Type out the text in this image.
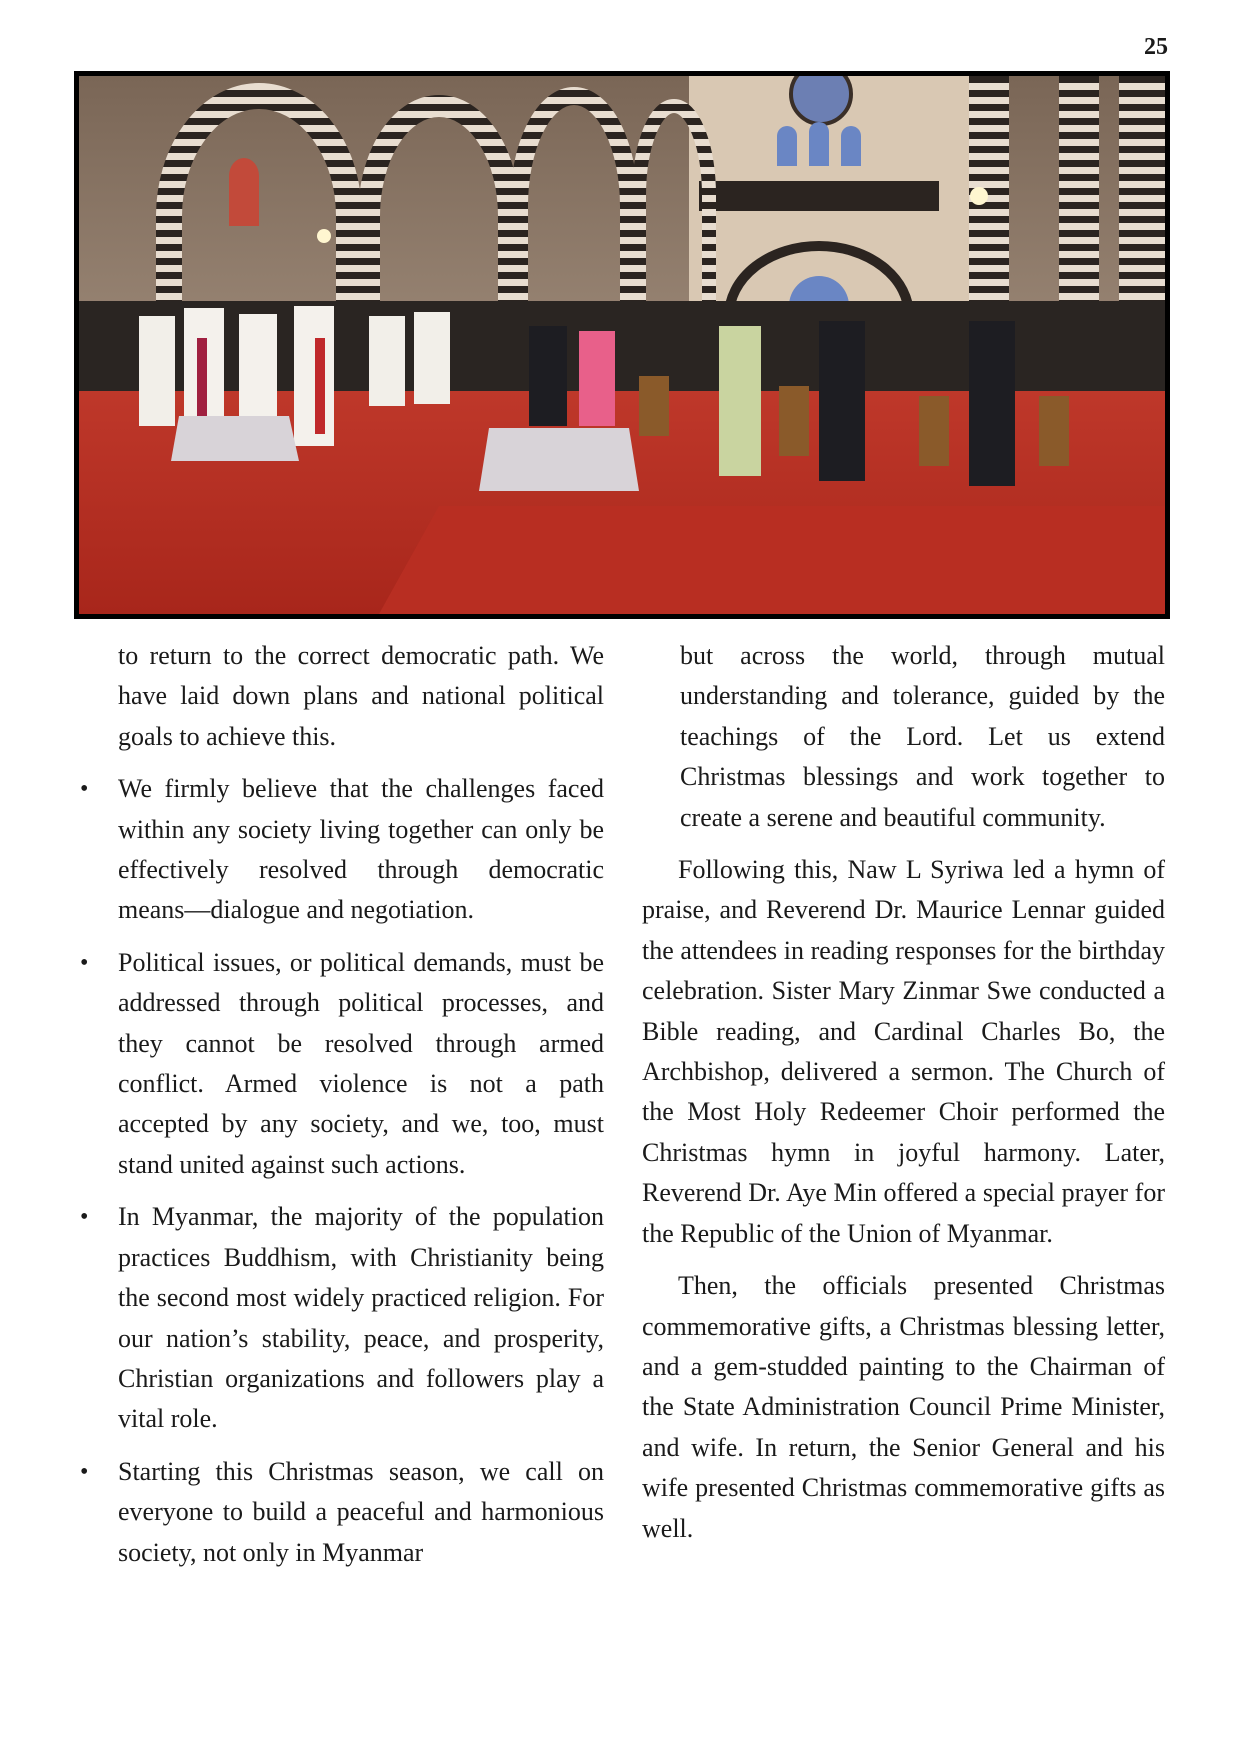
25

to return to the correct democratic path. We have laid down plans and national political goals to achieve this.

• We firmly believe that the challenges faced within any society living together can only be effectively resolved through democratic means—dialogue and negotiation.
• Political issues, or political demands, must be addressed through political processes, and they cannot be resolved through armed conflict. Armed violence is not a path accepted by any society, and we, too, must stand united against such actions.
• In Myanmar, the majority of the population practices Buddhism, with Christianity being the second most widely practiced religion. For our nation’s stability, peace, and prosperity, Christian organizations and followers play a vital role.
• Starting this Christmas season, we call on everyone to build a peaceful and harmonious society, not only in Myanmar

but across the world, through mutual understanding and tolerance, guided by the teachings of the Lord. Let us extend Christmas blessings and work together to create a serene and beautiful community.

Following this, Naw L Syriwa led a hymn of praise, and Reverend Dr. Maurice Lennar guided the attendees in reading responses for the birthday celebration. Sister Mary Zinmar Swe conducted a Bible reading, and Cardinal Charles Bo, the Archbishop, delivered a sermon. The Church of the Most Holy Redeemer Choir performed the Christmas hymn in joyful harmony. Later, Reverend Dr. Aye Min offered a special prayer for the Republic of the Union of Myanmar.

Then, the officials presented Christmas commemorative gifts, a Christmas blessing letter, and a gem-studded painting to the Chairman of the State Administration Council Prime Minister, and wife. In return, the Senior General and his wife presented Christmas commemorative gifts as well.
